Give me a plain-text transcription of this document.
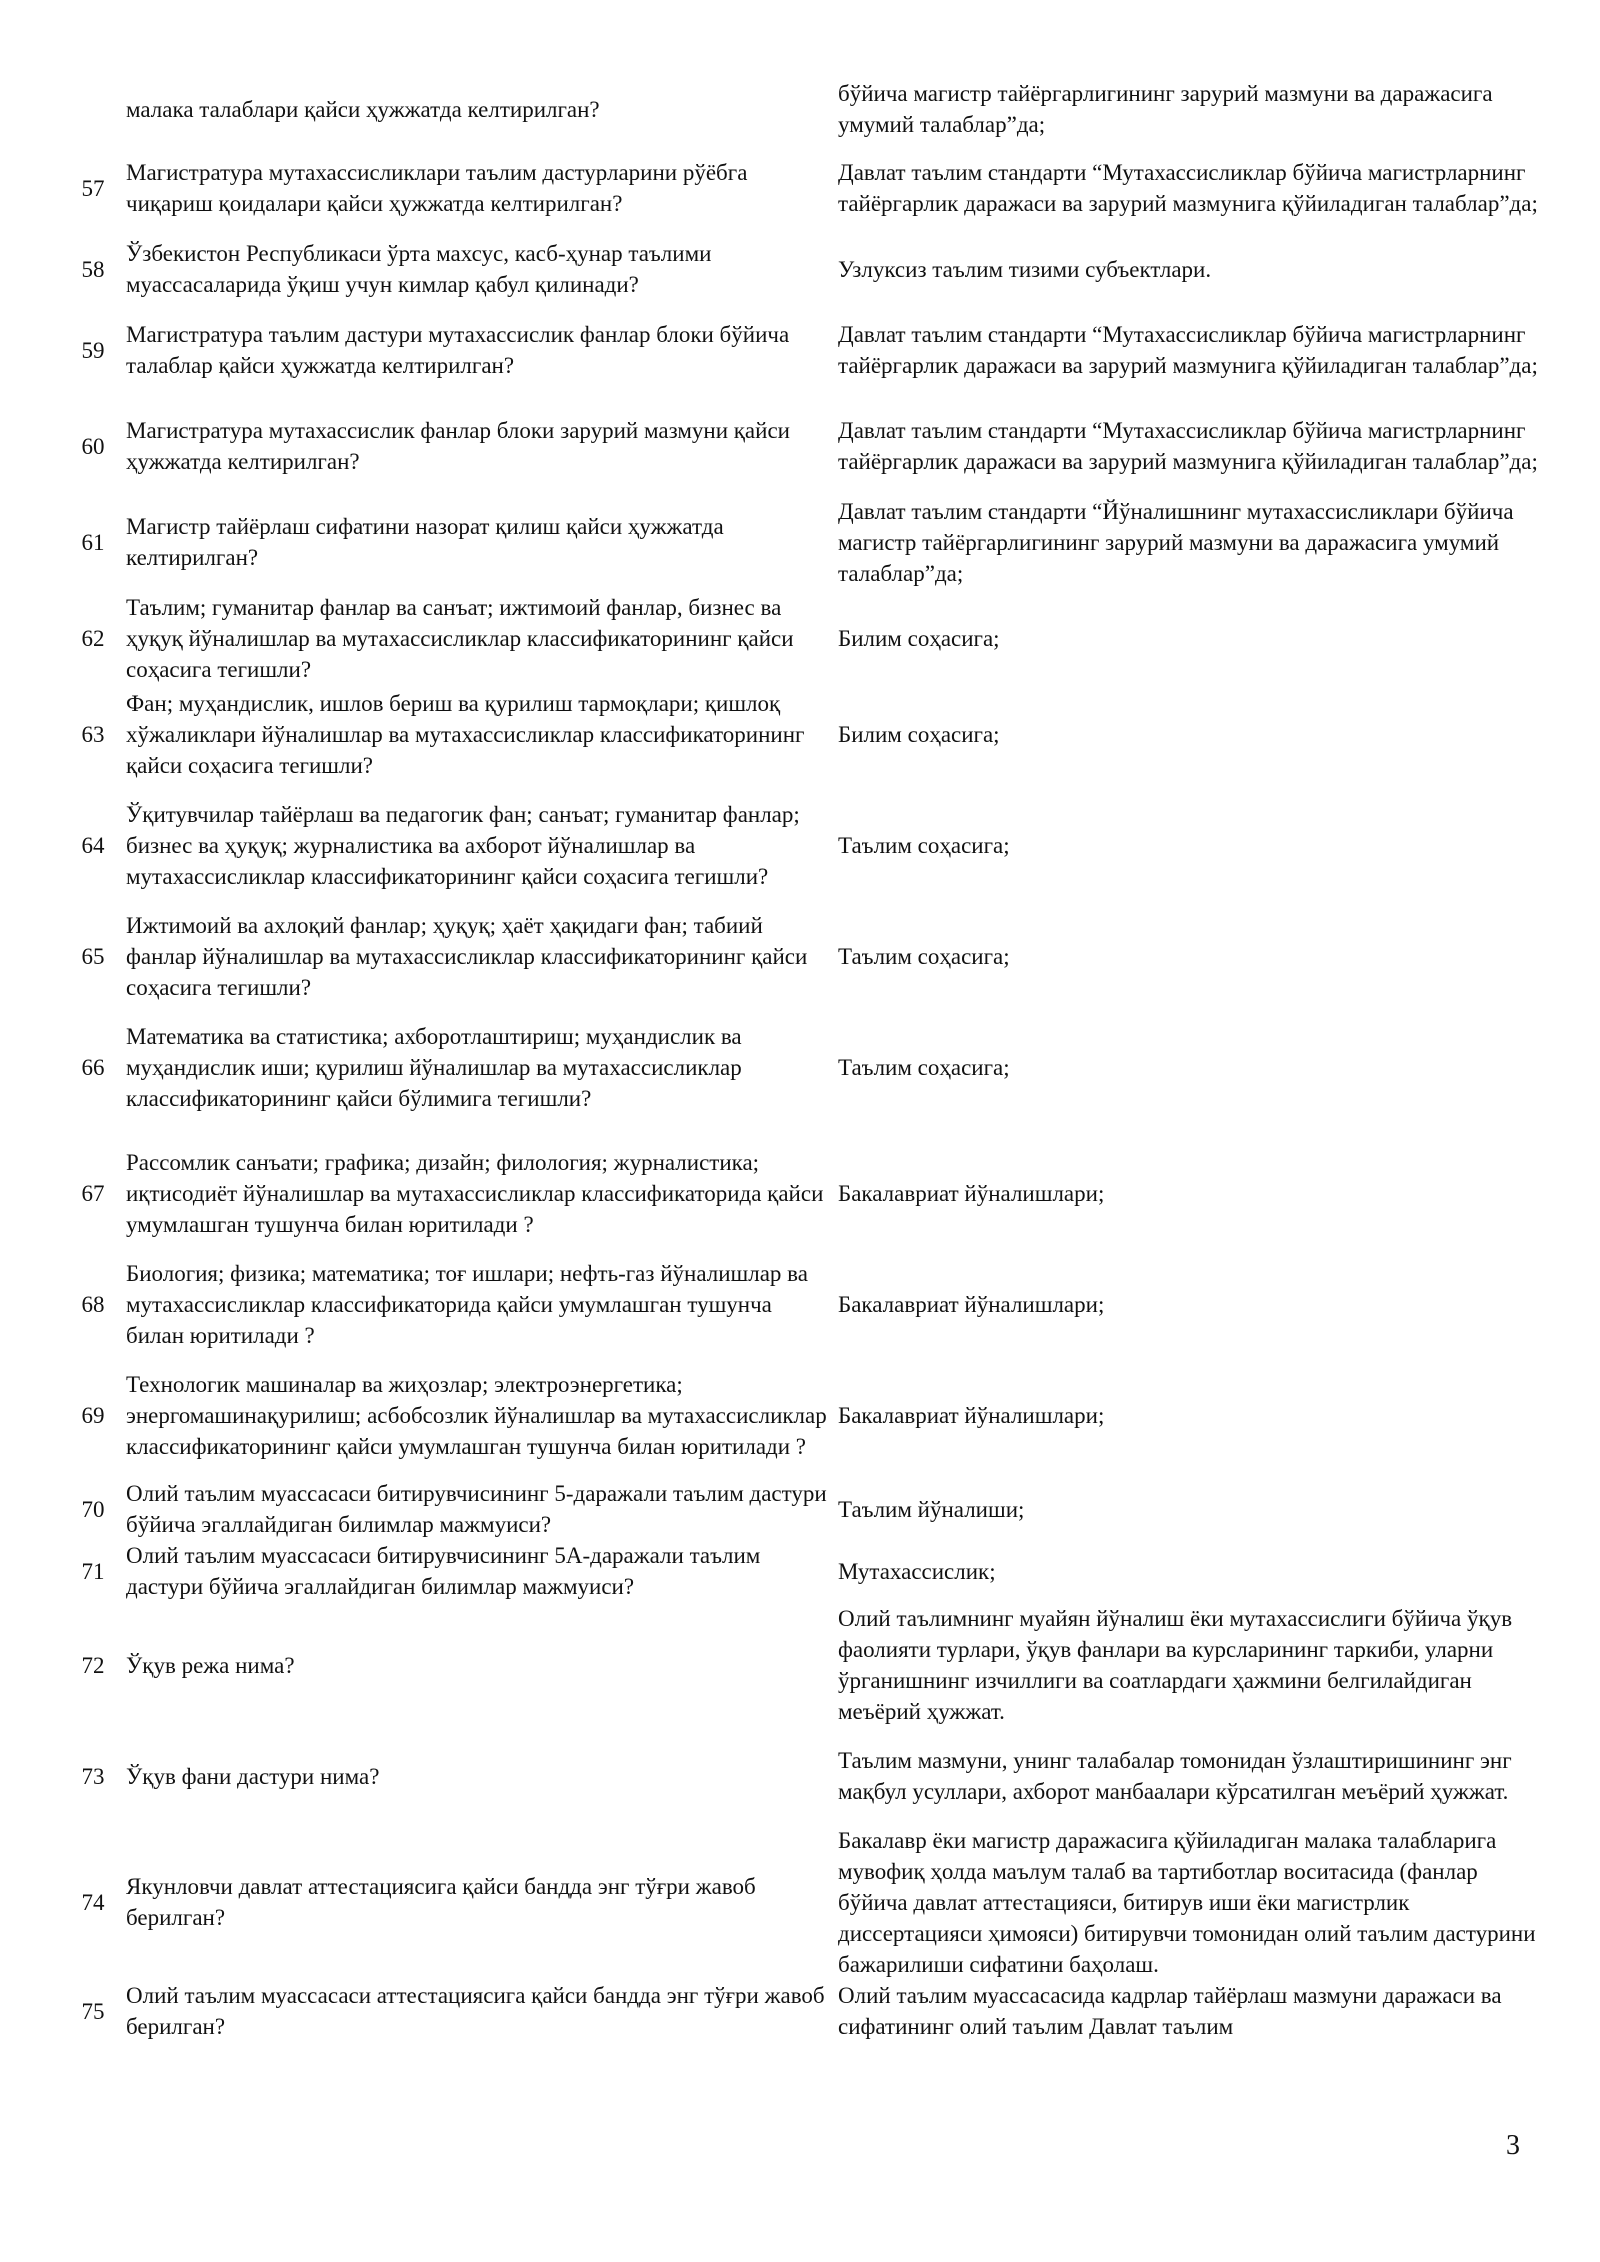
	малака талаблари қайси ҳужжатда келтирилган?	бўйича магистр тайёргарлигининг зарурий мазмуни ва даражасига умумий талаблар”да;
57	Магистратура мутахассисликлари таълим дастурларини рўёбга чиқариш қоидалари қайси ҳужжатда келтирилган?	Давлат таълим стандарти “Мутахассисликлар бўйича магистрларнинг тайёргарлик даражаси ва зарурий мазмунига қўйиладиган талаблар”да;
58	Ўзбекистон Республикаси ўрта махсус, касб-ҳунар таълими муассасаларида ўқиш учун кимлар қабул қилинади?	Узлуксиз таълим тизими субъектлари.
59	Магистратура таълим дастури мутахассислик фанлар блоки бўйича талаблар қайси ҳужжатда келтирилган?	Давлат таълим стандарти “Мутахассисликлар бўйича магистрларнинг тайёргарлик даражаси ва зарурий мазмунига қўйиладиган талаблар”да;
60	Магистратура мутахассислик фанлар блоки зарурий мазмуни қайси ҳужжатда келтирилган?	Давлат таълим стандарти “Мутахассисликлар бўйича магистрларнинг тайёргарлик даражаси ва зарурий мазмунига қўйиладиган талаблар”да;
61	Магистр тайёрлаш сифатини назорат қилиш қайси ҳужжатда келтирилган?	Давлат таълим стандарти “Йўналишнинг мутахассисликлари бўйича магистр тайёргарлигининг зарурий мазмуни ва даражасига умумий талаблар”да;
62	Таълим; гуманитар фанлар ва санъат; ижтимоий фанлар, бизнес ва ҳуқуқ йўналишлар ва мутахассисликлар классификаторининг қайси соҳасига тегишли?	Билим соҳасига;
63	Фан; муҳандислик, ишлов бериш ва қурилиш тармоқлари; қишлоқ хўжаликлари йўналишлар ва мутахассисликлар классификаторининг қайси соҳасига тегишли?	Билим соҳасига;
64	Ўқитувчилар тайёрлаш ва педагогик фан; санъат; гуманитар фанлар; бизнес ва ҳуқуқ; журналистика ва ахборот йўналишлар ва мутахассисликлар классификаторининг қайси соҳасига тегишли?	Таълим соҳасига;
65	Ижтимоий ва ахлоқий фанлар; ҳуқуқ; ҳаёт ҳақидаги фан; табиий фанлар йўналишлар ва мутахассисликлар классификаторининг қайси соҳасига тегишли?	Таълим соҳасига;
66	Математика ва статистика; ахборотлаштириш; муҳандислик ва муҳандислик иши; қурилиш йўналишлар ва мутахассисликлар классификаторининг қайси бўлимига тегишли?	Таълим соҳасига;
67	Рассомлик санъати; графика; дизайн; филология; журналистика; иқтисодиёт йўналишлар ва мутахассисликлар классификаторида қайси умумлашган тушунча билан юритилади ?	Бакалавриат йўналишлари;
68	Биология; физика; математика; тоғ ишлари; нефть-газ йўналишлар ва мутахассисликлар классификаторида қайси умумлашган тушунча билан юритилади ?	Бакалавриат йўналишлари;
69	Технологик машиналар ва жиҳозлар; электроэнергетика; энергомашинақурилиш; асбобсозлик йўналишлар ва мутахассисликлар классификаторининг қайси умумлашган тушунча билан юритилади ?	Бакалавриат йўналишлари;
70	Олий таълим муассасаси битирувчисининг 5-даражали таълим дастури бўйича эгаллайдиган билимлар мажмуиси?	Таълим йўналиши;
71	Олий таълим муассасаси битирувчисининг 5А-даражали таълим дастури бўйича эгаллайдиган билимлар мажмуиси?	Мутахассислик;
72	Ўқув режа нима?	Олий таълимнинг муайян йўналиш ёки мутахассислиги бўйича ўқув фаолияти турлари, ўқув фанлари ва курсларининг таркиби, уларни ўрганишнинг изчиллиги ва соатлардаги ҳажмини белгилайдиган меъёрий ҳужжат.
73	Ўқув фани дастури нима?	Таълим мазмуни, унинг талабалар томонидан ўзлаштиришининг энг мақбул усуллари, ахборот манбаалари кўрсатилган меъёрий ҳужжат.
74	Якунловчи давлат аттестациясига қайси бандда энг тўғри жавоб берилган?	Бакалавр ёки магистр даражасига қўйиладиган малака талабларига мувофиқ ҳолда маълум талаб ва тартиботлар воситасида (фанлар бўйича давлат аттестацияси, битирув иши ёки магистрлик диссертацияси ҳимояси) битирувчи томонидан олий таълим дастурини бажарилиши сифатини баҳолаш.
75	Олий таълим муассасаси аттестациясига қайси бандда энг тўғри жавоб берилган?	Олий таълим муассасасида кадрлар тайёрлаш мазмуни даражаси ва сифатининг олий таълим Давлат таълим
3
